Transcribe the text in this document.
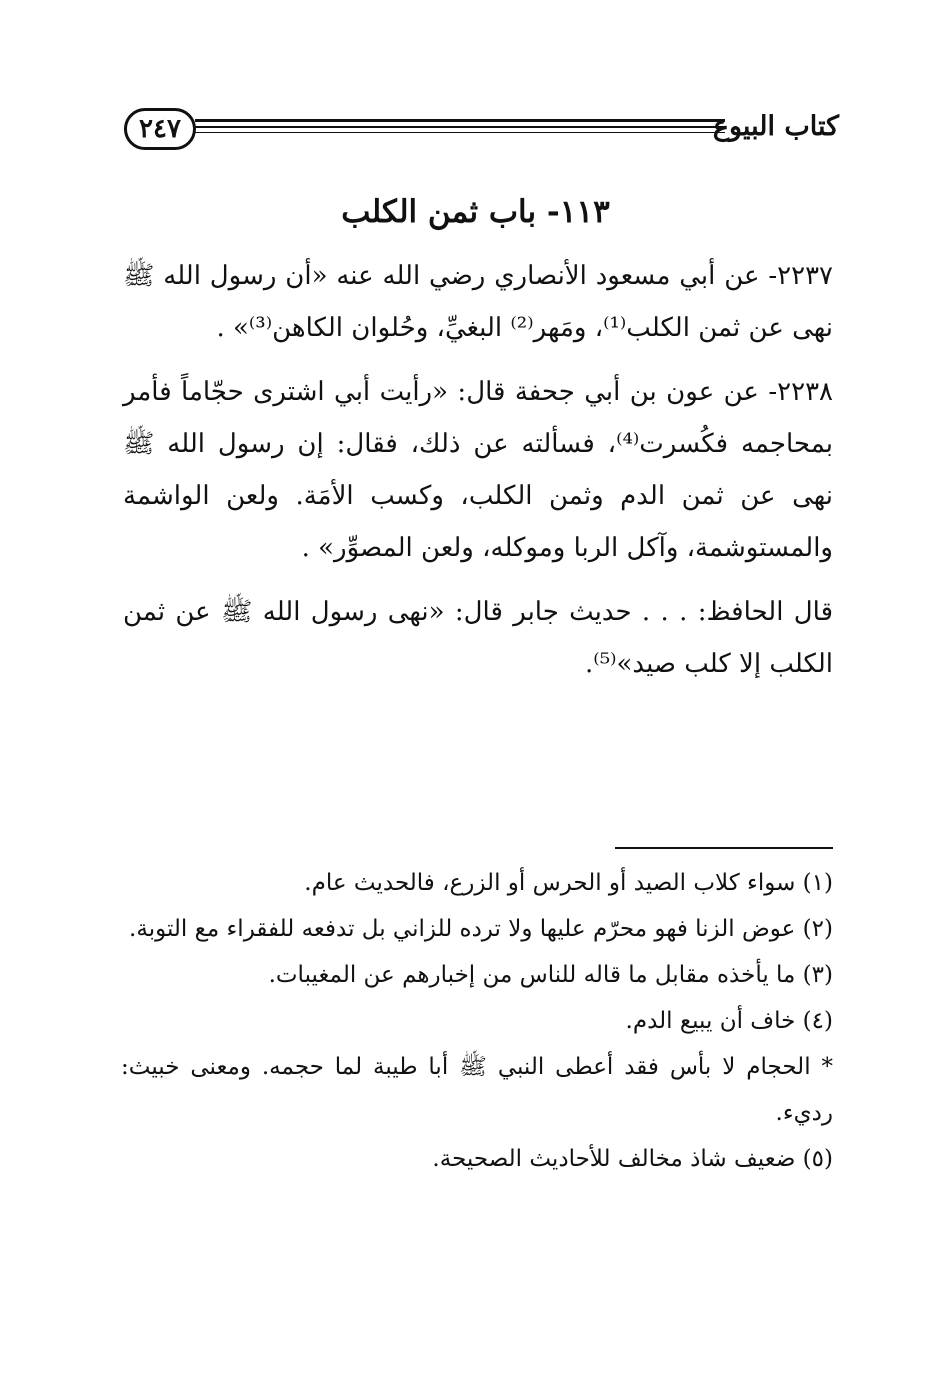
كتاب البيوع
٢٤٧
١١٣- باب ثمن الكلب

٢٢٣٧- عن أبي مسعود الأنصاري رضي الله عنه «أن رسول الله ﷺ نهى عن ثمن الكلب⁽¹⁾، ومَهر⁽²⁾ البغيِّ، وحُلوان الكاهن⁽³⁾» .

٢٢٣٨- عن عون بن أبي جحفة قال: «رأيت أبي اشترى حجّاماً فأمر بمحاجمه فكُسرت⁽⁴⁾، فسألته عن ذلك، فقال: إن رسول الله ﷺ نهى عن ثمن الدم وثمن الكلب، وكسب الأمَة. ولعن الواشمة والمستوشمة، وآكل الربا وموكله، ولعن المصوِّر» .

قال الحافظ: . . . حديث جابر قال: «نهى رسول الله ﷺ عن ثمن الكلب إلا كلب صيد»⁽⁵⁾.

(١) سواء كلاب الصيد أو الحرس أو الزرع، فالحديث عام.

(٢) عوض الزنا فهو محرّم عليها ولا ترده للزاني بل تدفعه للفقراء مع التوبة.

(٣) ما يأخذه مقابل ما قاله للناس من إخبارهم عن المغيبات.

(٤) خاف أن يبيع الدم.

* الحجام لا بأس فقد أعطى النبي ﷺ أبا طيبة لما حجمه. ومعنى خبيث: رديء.

(٥) ضعيف شاذ مخالف للأحاديث الصحيحة.
